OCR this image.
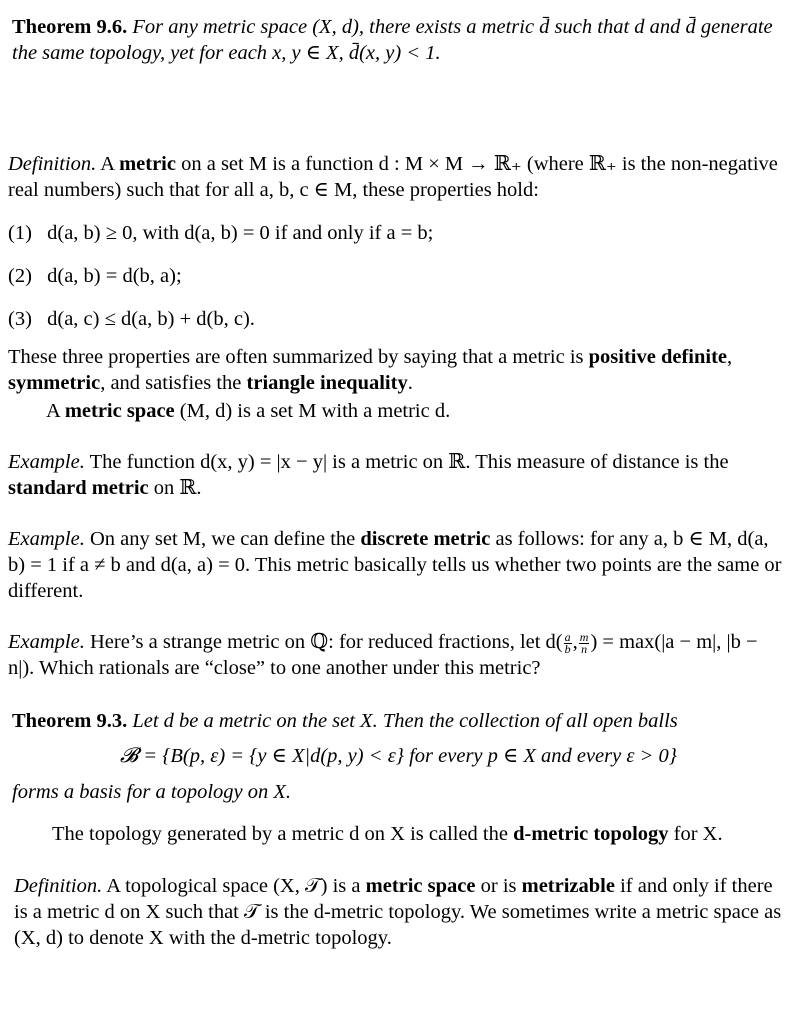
Theorem 9.6. For any metric space (X, d), there exists a metric d̄ such that d and d̄ generate the same topology, yet for each x, y ∈ X, d̄(x, y) < 1.

Definition. A metric on a set M is a function d : M × M → ℝ₊ (where ℝ₊ is the non-negative real numbers) such that for all a, b, c ∈ M, these properties hold:

(1) d(a, b) ≥ 0, with d(a, b) = 0 if and only if a = b;
(2) d(a, b) = d(b, a);
(3) d(a, c) ≤ d(a, b) + d(b, c).

These three properties are often summarized by saying that a metric is positive definite, symmetric, and satisfies the triangle inequality.

A metric space (M, d) is a set M with a metric d.

Example. The function d(x, y) = |x − y| is a metric on ℝ. This measure of distance is the standard metric on ℝ.

Example. On any set M, we can define the discrete metric as follows: for any a, b ∈ M, d(a, b) = 1 if a ≠ b and d(a, a) = 0. This metric basically tells us whether two points are the same or different.

Example. Here’s a strange metric on ℚ: for reduced fractions, let $d( \frac{a}{b}$ , $\frac{m}{n}$ ) = max(|a − m|, |b − n|). Which rationals are “close” to one another under this metric?

Theorem 9.3. Let d be a metric on the set X. Then the collection of all open balls

𝓑 = {B(p, ε) = {y ∈ X|d(p, y) < ε} for every p ∈ X and every ε > 0}

forms a basis for a topology on X.

The topology generated by a metric d on X is called the d-metric topology for X.

Definition. A topological space (X, 𝒯) is a metric space or is metrizable if and only if there is a metric d on X such that 𝒯 is the d-metric topology. We sometimes write a metric space as (X, d) to denote X with the d-metric topology.
